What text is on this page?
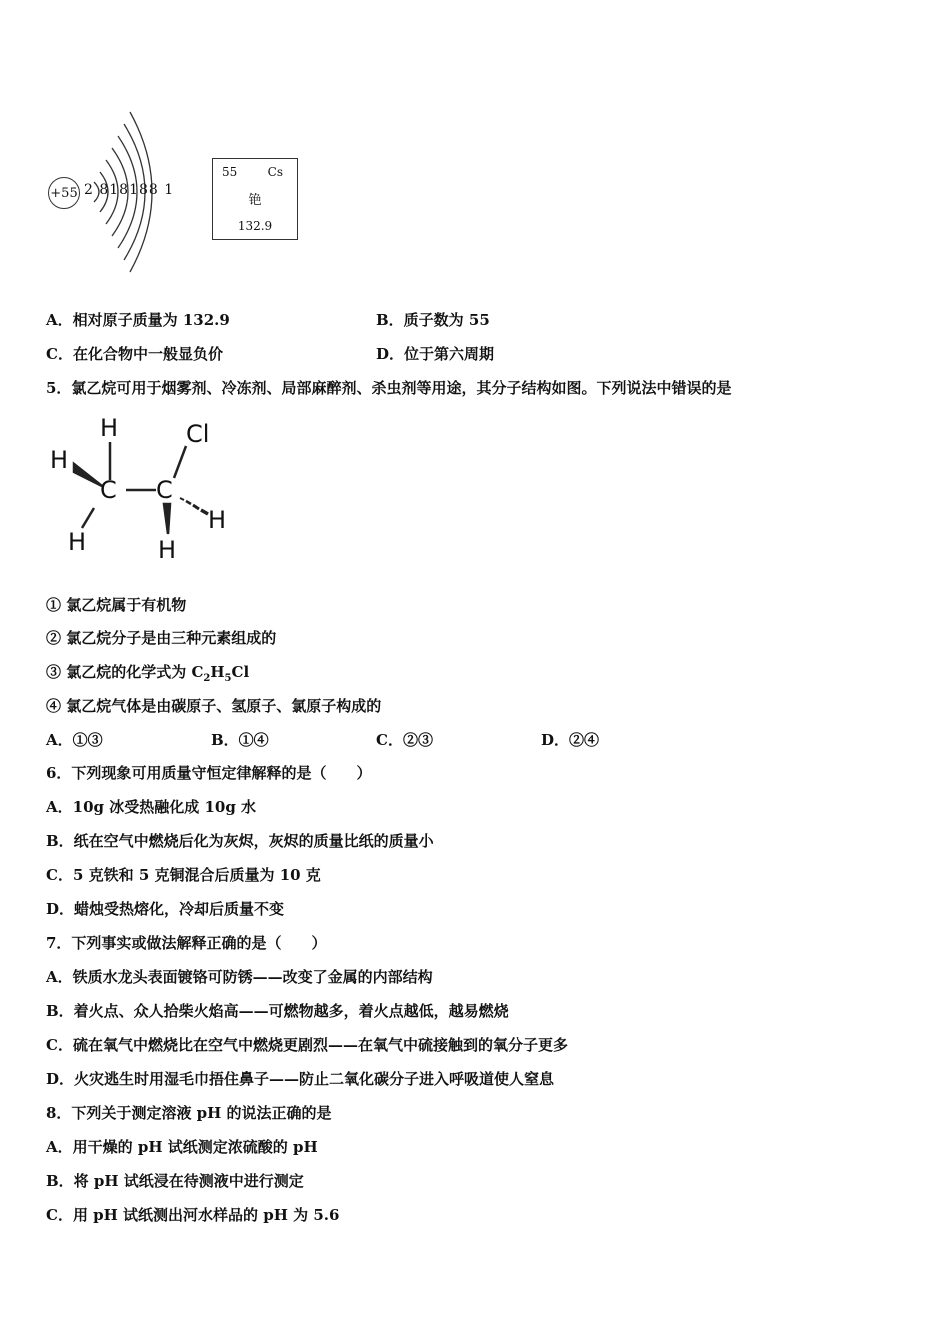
+55 2 818188 1
55	Cs
铯
132.9
A．相对原子质量为 132.9	B．质子数为 55
C．在化合物中一般显负价	D．位于第六周期
5．氯乙烷可用于烟雾剂、冷冻剂、局部麻醉剂、杀虫剂等用途，其分子结构如图。下列说法中错误的是
H
H
C C
Cl
H
H	H
① 氯乙烷属于有机物
② 氯乙烷分子是由三种元素组成的
③ 氯乙烷的化学式为 $C_2H_5Cl$
④ 氯乙烷气体是由碳原子、氢原子、氯原子构成的
A．①③	B．①④	C．②③	D．②④
6．下列现象可用质量守恒定律解释的是（　　）
A．10g 冰受热融化成 10g 水
B．纸在空气中燃烧后化为灰烬，灰烬的质量比纸的质量小
C．5 克铁和 5 克铜混合后质量为 10 克
D．蜡烛受热熔化，冷却后质量不变
7．下列事实或做法解释正确的是（　　）
A．铁质水龙头表面镀铬可防锈——改变了金属的内部结构
B．着火点、众人拾柴火焰高——可燃物越多，着火点越低，越易燃烧
C．硫在氧气中燃烧比在空气中燃烧更剧烈——在氧气中硫接触到的氧分子更多
D．火灾逃生时用湿毛巾捂住鼻子——防止二氧化碳分子进入呼吸道使人窒息
8．下列关于测定溶液 pH 的说法正确的是
A．用干燥的 pH 试纸测定浓硫酸的 pH
B．将 pH 试纸浸在待测液中进行测定
C．用 pH 试纸测出河水样品的 pH 为 5.6
